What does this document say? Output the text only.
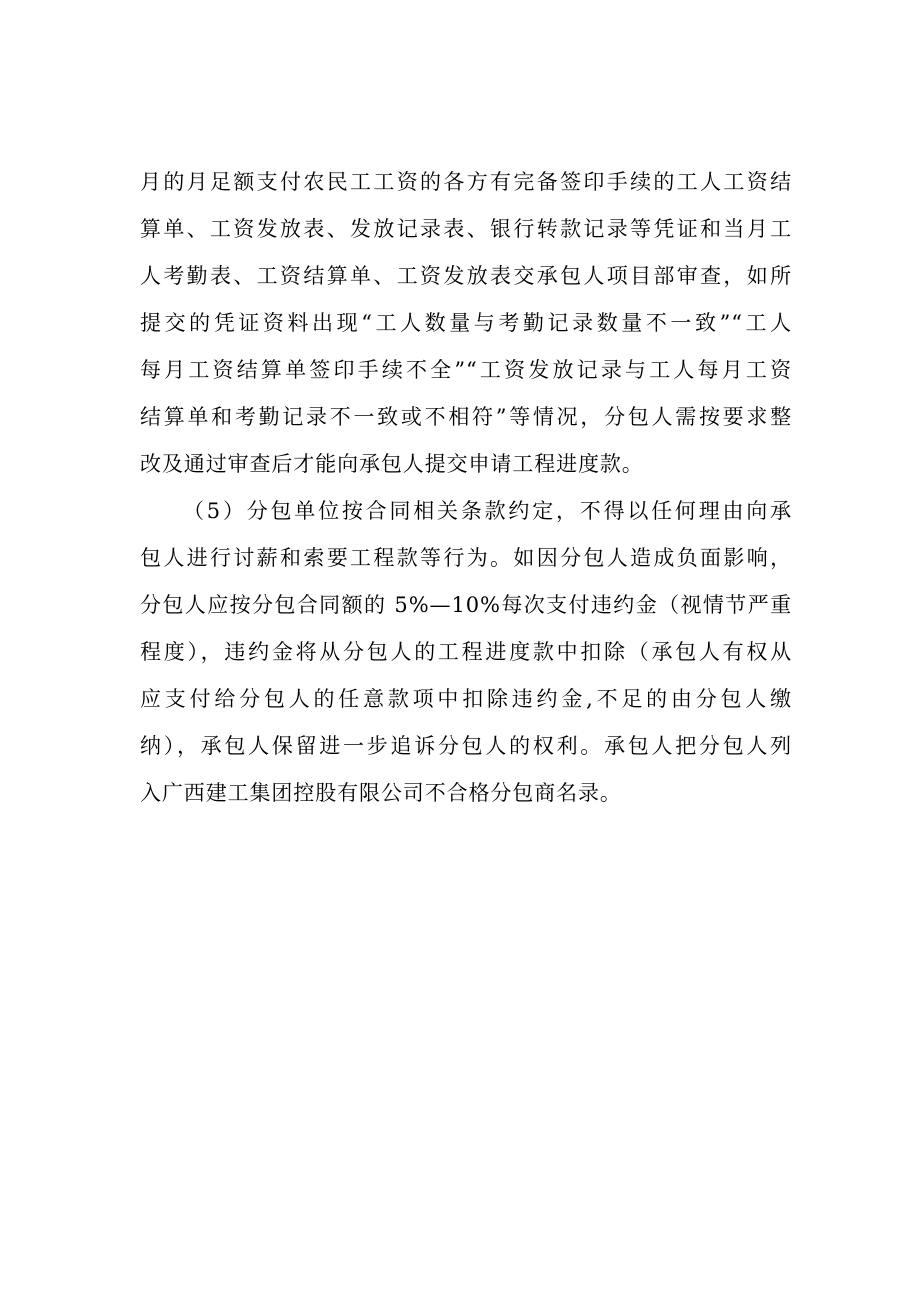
月的月足额支付农民工工资的各方有完备签印手续的工人工资结
算单、工资发放表、发放记录表、银行转款记录等凭证和当月工
人考勤表、工资结算单、工资发放表交承包人项目部审查，如所
提交的凭证资料出现“工人数量与考勤记录数量不一致”“工人
每月工资结算单签印手续不全”“工资发放记录与工人每月工资
结算单和考勤记录不一致或不相符”等情况，分包人需按要求整
改及通过审查后才能向承包人提交申请工程进度款。
（5）分包单位按合同相关条款约定，不得以任何理由向承
包人进行讨薪和索要工程款等行为。如因分包人造成负面影响，
分包人应按分包合同额的 5%—10%每次支付违约金（视情节严重
程度），违约金将从分包人的工程进度款中扣除（承包人有权从
应支付给分包人的任意款项中扣除违约金,不足的由分包人缴
纳），承包人保留进一步追诉分包人的权利。承包人把分包人列
入广西建工集团控股有限公司不合格分包商名录。
